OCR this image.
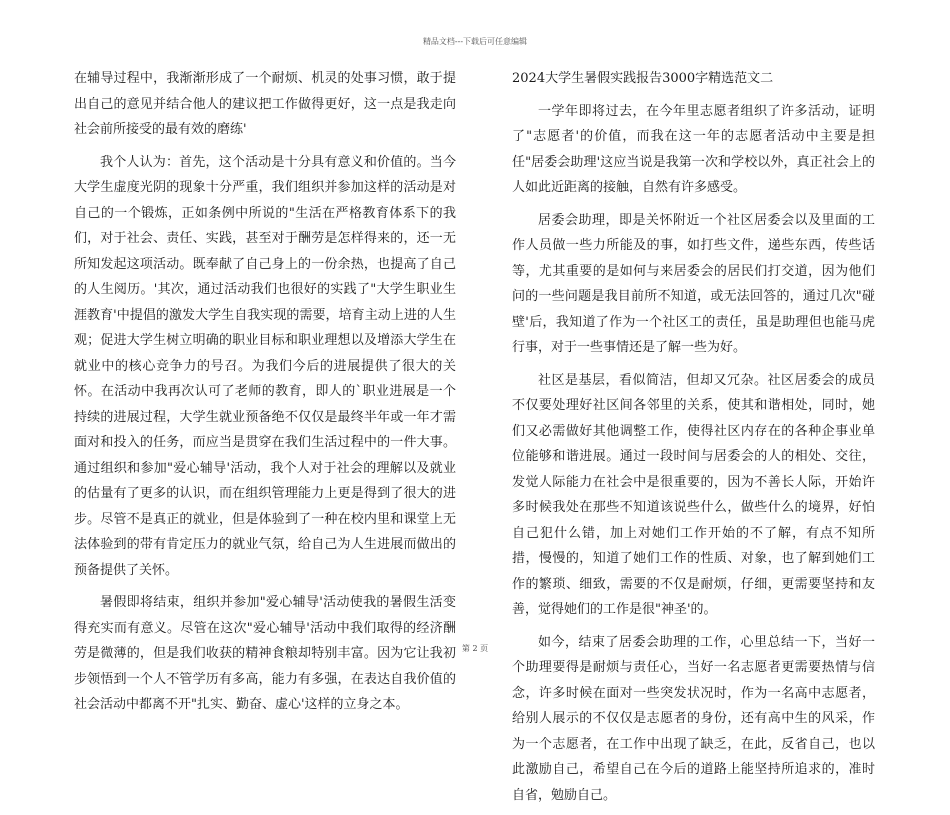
精品文档---下载后可任意编辑

在辅导过程中，我渐渐形成了一个耐烦、机灵的处事习惯，敢于提出自己的意见并结合他人的建议把工作做得更好，这一点是我走向社会前所接受的最有效的磨练'

我个人认为：首先，这个活动是十分具有意义和价值的。当今大学生虚度光阴的现象十分严重，我们组织并参加这样的活动是对自己的一个锻炼，正如条例中所说的"生活在严格教育体系下的我们，对于社会、责任、实践，甚至对于酬劳是怎样得来的，还一无所知发起这项活动。既奉献了自己身上的一份余热，也提高了自己的人生阅历。'其次，通过活动我们也很好的实践了"大学生职业生涯教育'中提倡的激发大学生自我实现的需要，培育主动上进的人生观；促进大学生树立明确的职业目标和职业理想以及增添大学生在就业中的核心竞争力的号召。为我们今后的进展提供了很大的关怀。在活动中我再次认可了老师的教育，即人的`职业进展是一个持续的进展过程，大学生就业预备绝不仅仅是最终半年或一年才需面对和投入的任务，而应当是贯穿在我们生活过程中的一件大事。通过组织和参加"爱心辅导'活动，我个人对于社会的理解以及就业的估量有了更多的认识，而在组织管理能力上更是得到了很大的进步。尽管不是真正的就业，但是体验到了一种在校内里和课堂上无法体验到的带有肯定压力的就业气氛，给自己为人生进展而做出的预备提供了关怀。

暑假即将结束，组织并参加"爱心辅导'活动使我的暑假生活变得充实而有意义。尽管在这次"爱心辅导'活动中我们取得的经济酬劳是微薄的，但是我们收获的精神食粮却特别丰富。因为它让我初步领悟到一个人不管学历有多高，能力有多强，在表达自我价值的社会活动中都离不开"扎实、勤奋、虚心'这样的立身之本。

2024大学生暑假实践报告3000字精选范文二

一学年即将过去，在今年里志愿者组织了许多活动，证明了"志愿者'的价值，而我在这一年的志愿者活动中主要是担任"居委会助理'这应当说是我第一次和学校以外，真正社会上的人如此近距离的接触，自然有许多感受。

居委会助理，即是关怀附近一个社区居委会以及里面的工作人员做一些力所能及的事，如打些文件，递些东西，传些话等，尤其重要的是如何与来居委会的居民们打交道，因为他们问的一些问题是我目前所不知道，或无法回答的，通过几次"碰壁'后，我知道了作为一个社区工的责任，虽是助理但也能马虎行事，对于一些事情还是了解一些为好。

社区是基层，看似简洁，但却又冗杂。社区居委会的成员不仅要处理好社区间各邻里的关系，使其和谐相处，同时，她们又必需做好其他调整工作，使得社区内存在的各种企事业单位能够和谐进展。通过一段时间与居委会的人的相处、交往，发觉人际能力在社会中是很重要的，因为不善长人际，开始许多时候我处在那些不知道该说些什么，做些什么的境界，好怕自己犯什么错，加上对她们工作开始的不了解，有点不知所措，慢慢的，知道了她们工作的性质、对象，也了解到她们工作的繁琐、细致，需要的不仅是耐烦，仔细，更需要坚持和友善，觉得她们的工作是很"神圣'的。

如今，结束了居委会助理的工作，心里总结一下，当好一个助理要得是耐烦与责任心，当好一名志愿者更需要热情与信念，许多时候在面对一些突发状况时，作为一名高中志愿者，给别人展示的不仅仅是志愿者的身份，还有高中生的风采，作为一个志愿者，在工作中出现了缺乏，在此，反省自己，也以此激励自己，希望自己在今后的道路上能坚持所追求的，准时自省，勉励自己。

第 2 页
